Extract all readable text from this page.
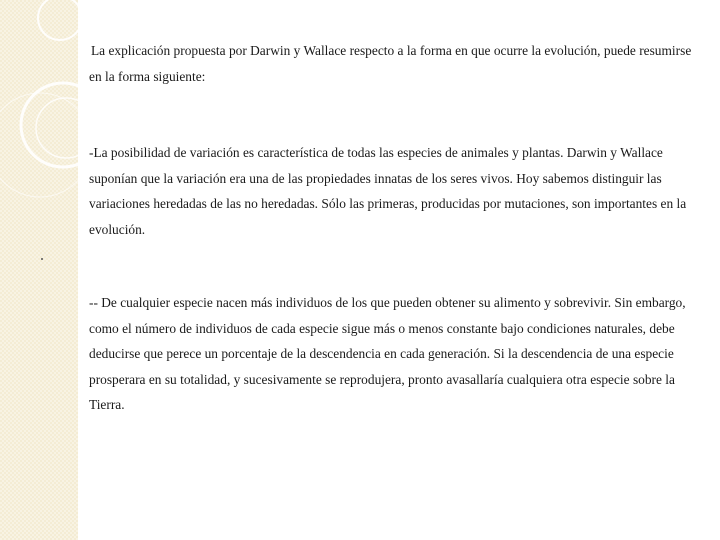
La explicación propuesta por Darwin y Wallace respecto a la forma en que ocurre la evolución, puede resumirse en la forma siguiente:

-La posibilidad de variación es característica de todas las especies de animales y plantas. Darwin y Wallace suponían que la variación era una de las propiedades innatas de los seres vivos. Hoy sabemos distinguir las variaciones heredadas de las no heredadas. Sólo las primeras, producidas por mutaciones, son importantes en la evolución.

-- De cualquier especie nacen más individuos de los que pueden obtener su alimento y sobrevivir. Sin embargo, como el número de individuos de cada especie sigue más o menos constante bajo condiciones naturales, debe deducirse que perece un porcentaje de la descendencia en cada generación. Si la descendencia de una especie prosperara en su totalidad, y sucesivamente se reprodujera, pronto avasallaría cualquiera otra especie sobre la Tierra.
